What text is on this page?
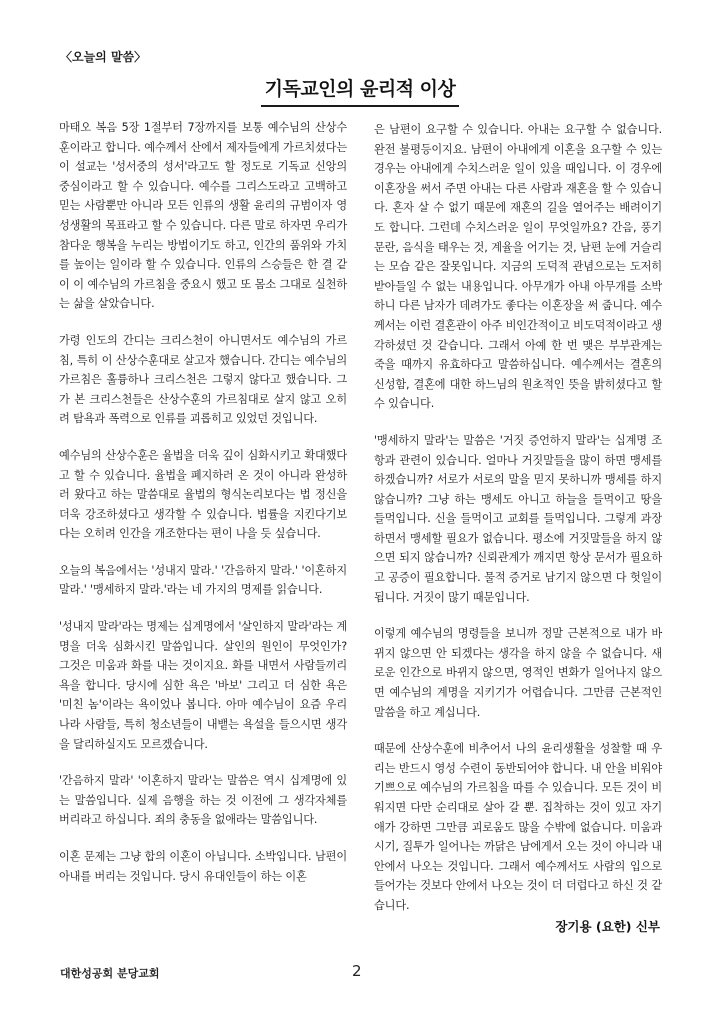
〈오늘의 말씀〉
기독교인의 윤리적 이상

마태오 복음 5장 1절부터 7장까지를 보통 예수님의 산상수훈이라고 합니다. 예수께서 산에서 제자들에게 가르치셨다는 이 설교는 '성서중의 성서'라고도 할 정도로 기독교 신앙의 중심이라고 할 수 있습니다. 예수를 그리스도라고 고백하고 믿는 사람뿐만 아니라 모든 인류의 생활 윤리의 규범이자 영성생활의 목표라고 할 수 있습니다. 다른 말로 하자면 우리가 참다운 행복을 누리는 방법이기도 하고, 인간의 품위와 가치를 높이는 일이라 할 수 있습니다. 인류의 스승들은 한 결 같이 이 예수님의 가르침을 중요시 했고 또 몸소 그대로 실천하는 삶을 살았습니다.

가령 인도의 간디는 크리스천이 아니면서도 예수님의 가르침, 특히 이 산상수훈대로 살고자 했습니다. 간디는 예수님의 가르침은 훌륭하나 크리스천은 그렇지 않다고 했습니다. 그가 본 크리스천들은 산상수훈의 가르침대로 살지 않고 오히려 탐욕과 폭력으로 인류를 괴롭히고 있었던 것입니다.

예수님의 산상수훈은 율법을 더욱 깊이 심화시키고 확대했다고 할 수 있습니다. 율법을 폐지하러 온 것이 아니라 완성하러 왔다고 하는 말씀대로 율법의 형식논리보다는 법 정신을 더욱 강조하셨다고 생각할 수 있습니다. 법률을 지킨다기보다는 오히려 인간을 개조한다는 편이 나을 듯 싶습니다.

오늘의 복음에서는 '성내지 말라.' '간음하지 말라.' '이혼하지 말라.' '맹세하지 말라.'라는 네 가지의 명제를 읽습니다.

'성내지 말라'라는 명제는 십계명에서 '살인하지 말라'라는 계명을 더욱 심화시킨 말씀입니다. 살인의 원인이 무엇인가? 그것은 미움과 화를 내는 것이지요. 화를 내면서 사람들끼리 욕을 합니다. 당시에 심한 욕은 '바보' 그리고 더 심한 욕은 '미친 놈'이라는 욕이었나 봅니다. 아마 예수님이 요즘 우리나라 사람들, 특히 청소년들이 내뱉는 욕설을 들으시면 생각을 달리하실지도 모르겠습니다.

'간음하지 말라' '이혼하지 말라'는 말씀은 역시 십계명에 있는 말씀입니다. 실제 음행을 하는 것 이전에 그 생각자체를 버리라고 하십니다. 죄의 충동을 없애라는 말씀입니다.

이혼 문제는 그냥 합의 이혼이 아닙니다. 소박입니다. 남편이 아내를 버리는 것입니다. 당시 유대인들이 하는 이혼

은 남편이 요구할 수 있습니다. 아내는 요구할 수 없습니다. 완전 불평등이지요. 남편이 아내에게 이혼을 요구할 수 있는 경우는 아내에게 수치스러운 일이 있을 때입니다. 이 경우에 이혼장을 써서 주면 아내는 다른 사람과 재혼을 할 수 있습니다. 혼자 살 수 없기 때문에 재혼의 길을 열어주는 배려이기도 합니다. 그런데 수치스러운 일이 무엇일까요? 간음, 풍기문란, 음식을 태우는 것, 계율을 어기는 것, 남편 눈에 거슬리는 모습 같은 잘못입니다. 지금의 도덕적 관념으로는 도저히 받아들일 수 없는 내용입니다. 아무개가 아내 아무개를 소박하니 다른 남자가 데려가도 좋다는 이혼장을 써 줍니다. 예수께서는 이런 결혼관이 아주 비인간적이고 비도덕적이라고 생각하셨던 것 같습니다. 그래서 아예 한 번 맺은 부부관계는 죽을 때까지 유효하다고 말씀하십니다. 예수께서는 결혼의 신성함, 결혼에 대한 하느님의 원초적인 뜻을 밝히셨다고 할 수 있습니다.

'맹세하지 말라'는 말씀은 '거짓 증언하지 말라'는 십계명 조항과 관련이 있습니다. 얼마나 거짓말들을 많이 하면 맹세를 하겠습니까? 서로가 서로의 말을 믿지 못하니까 맹세를 하지 않습니까? 그냥 하는 맹세도 아니고 하늘을 들먹이고 땅을 들먹입니다. 신을 들먹이고 교회를 들먹입니다. 그렇게 과장하면서 맹세할 필요가 없습니다. 평소에 거짓말들을 하지 않으면 되지 않습니까? 신뢰관계가 깨지면 항상 문서가 필요하고 공증이 필요합니다. 물적 증거로 남기지 않으면 다 헛일이 됩니다. 거짓이 많기 때문입니다.

이렇게 예수님의 명령들을 보니까 정말 근본적으로 내가 바뀌지 않으면 안 되겠다는 생각을 하지 않을 수 없습니다. 새로운 인간으로 바뀌지 않으면, 영적인 변화가 일어나지 않으면 예수님의 계명을 지키기가 어렵습니다. 그만큼 근본적인 말씀을 하고 계십니다.

때문에 산상수훈에 비추어서 나의 윤리생활을 성찰할 때 우리는 반드시 영성 수련이 동반되어야 합니다. 내 안을 비워야 기쁘으로 예수님의 가르침을 따를 수 있습니다. 모든 것이 비워지면 다만 순리대로 살아 갈 뿐. 집착하는 것이 있고 자기애가 강하면 그만큼 괴로움도 많을 수밖에 없습니다. 미움과 시기, 질투가 일어나는 까닭은 남에게서 오는 것이 아니라 내 안에서 나오는 것입니다. 그래서 예수께서도 사람의 입으로 들어가는 것보다 안에서 나오는 것이 더 더럽다고 하신 것 같습니다.

장기용 (요한) 신부
대한성공회 분당교회	2
